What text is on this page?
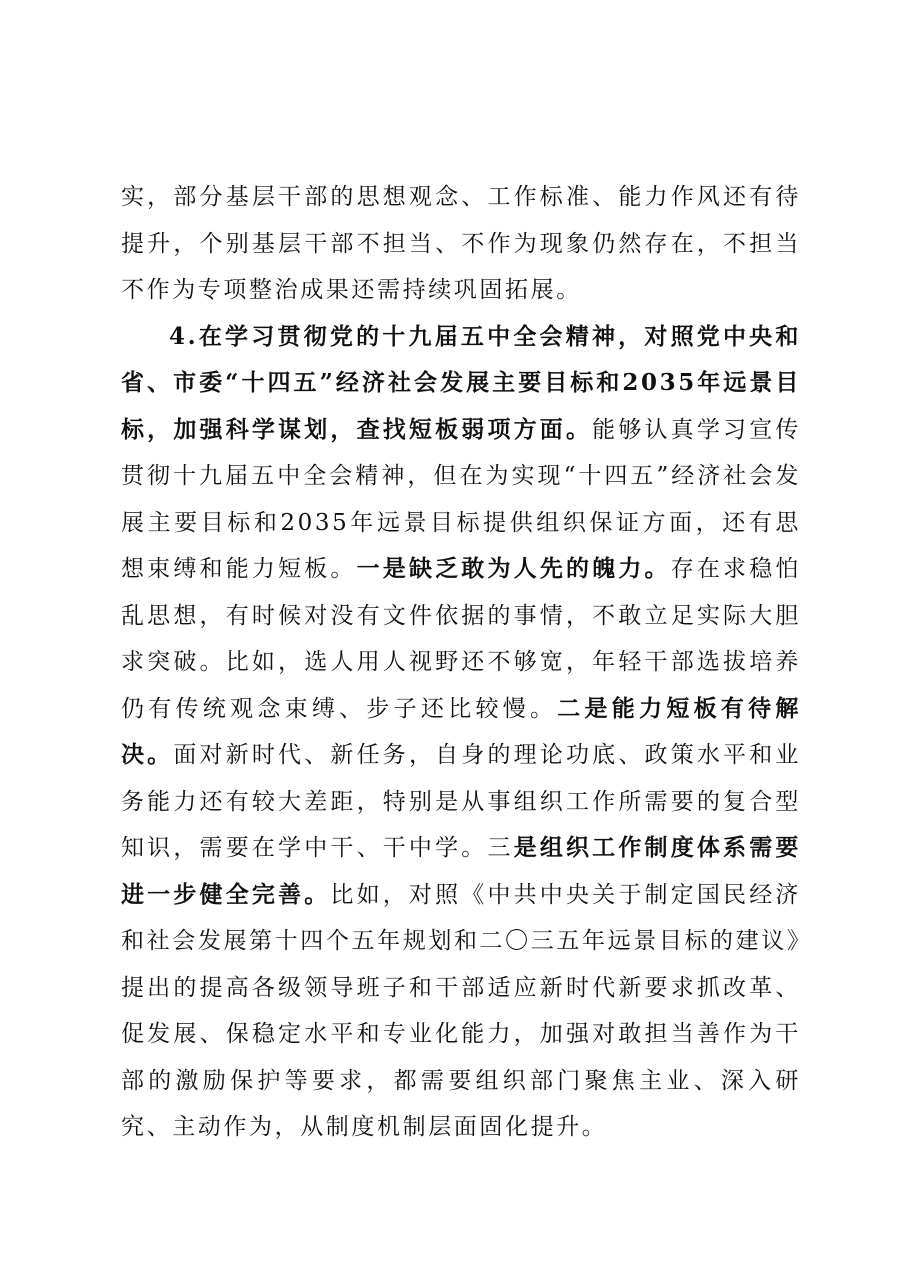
实，部分基层干部的思想观念、工作标准、能力作风还有待提升，个别基层干部不担当、不作为现象仍然存在，不担当不作为专项整治成果还需持续巩固拓展。

4.在学习贯彻党的十九届五中全会精神，对照党中央和省、市委“十四五”经济社会发展主要目标和2035年远景目标，加强科学谋划，查找短板弱项方面。能够认真学习宣传贯彻十九届五中全会精神，但在为实现“十四五”经济社会发展主要目标和2035年远景目标提供组织保证方面，还有思想束缚和能力短板。一是缺乏敢为人先的魄力。存在求稳怕乱思想，有时候对没有文件依据的事情，不敢立足实际大胆求突破。比如，选人用人视野还不够宽，年轻干部选拔培养仍有传统观念束缚、步子还比较慢。二是能力短板有待解决。面对新时代、新任务，自身的理论功底、政策水平和业务能力还有较大差距，特别是从事组织工作所需要的复合型知识，需要在学中干、干中学。三是组织工作制度体系需要进一步健全完善。比如，对照《中共中央关于制定国民经济和社会发展第十四个五年规划和二〇三五年远景目标的建议》提出的提高各级领导班子和干部适应新时代新要求抓改革、促发展、保稳定水平和专业化能力，加强对敢担当善作为干部的激励保护等要求，都需要组织部门聚焦主业、深入研究、主动作为，从制度机制层面固化提升。
